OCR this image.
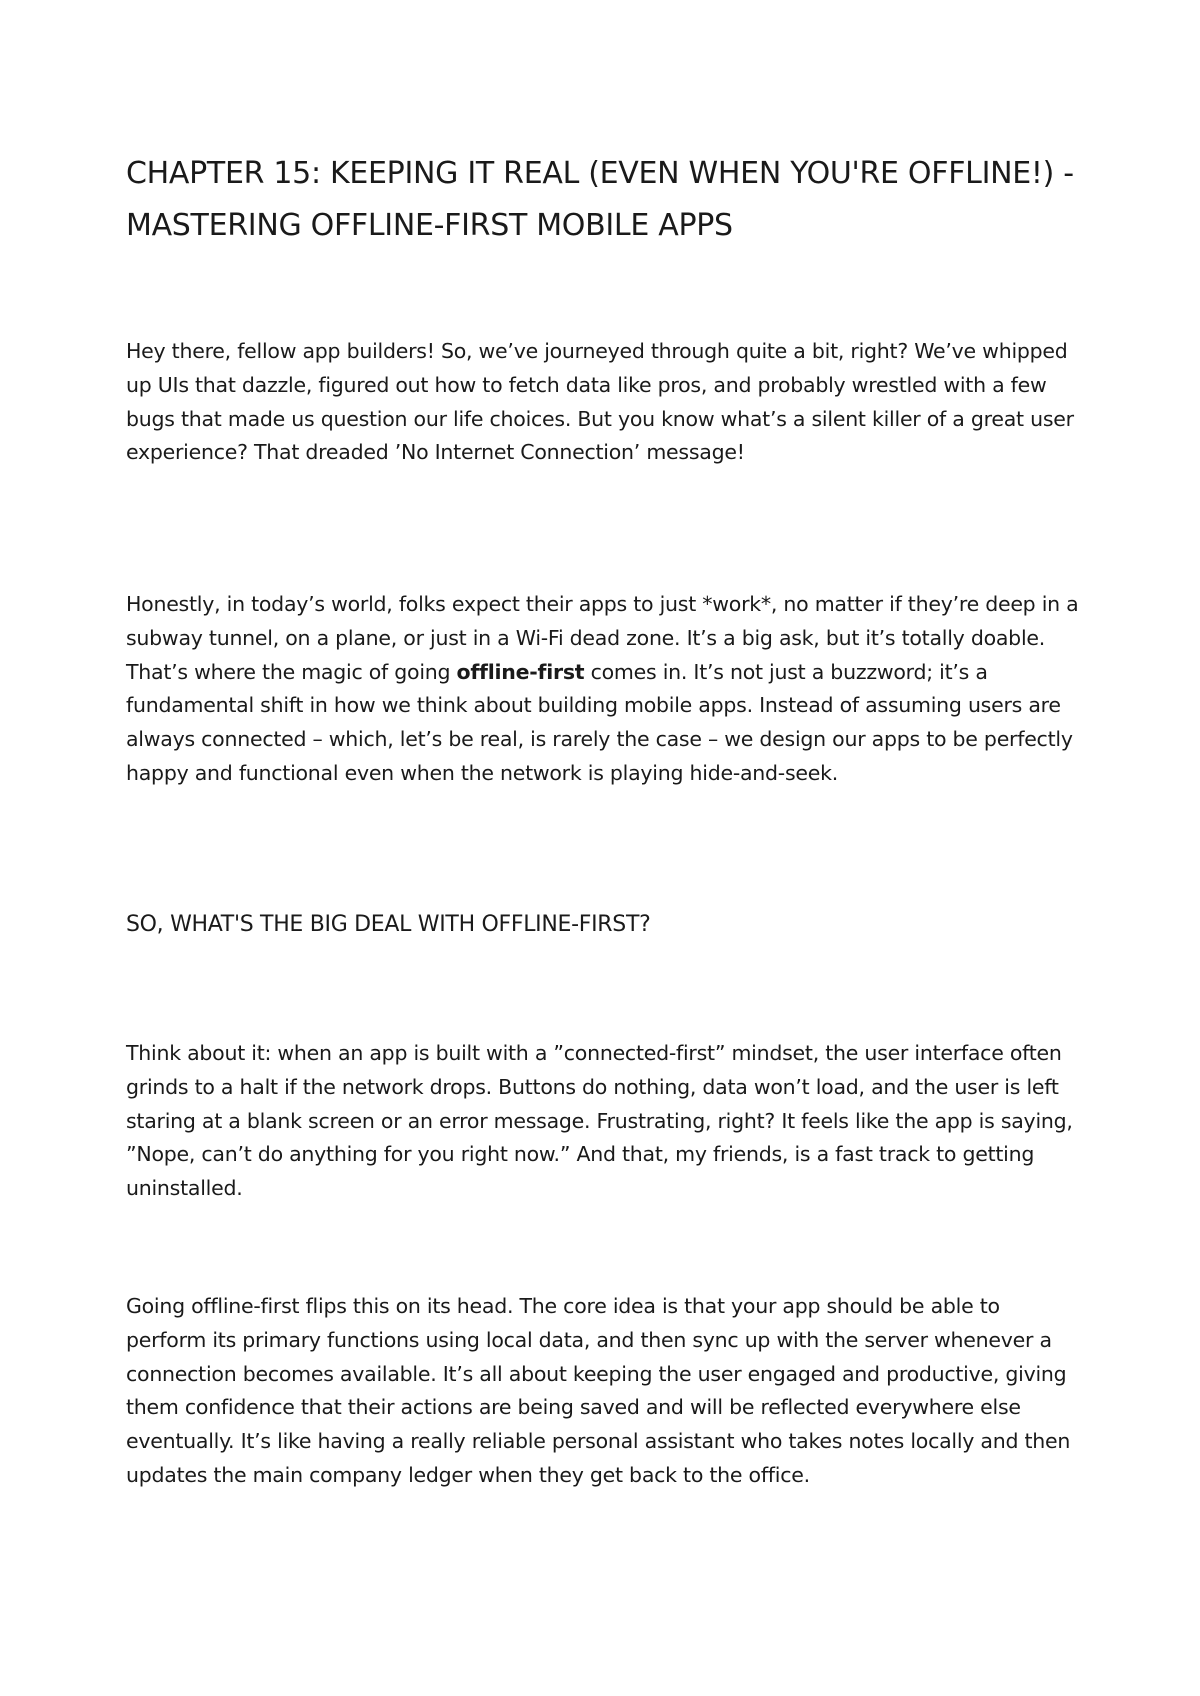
CHAPTER 15: KEEPING IT REAL (EVEN WHEN YOU'RE OFFLINE!) - MASTERING OFFLINE-FIRST MOBILE APPS

Hey there, fellow app builders! So, we’ve journeyed through quite a bit, right? We’ve whipped up UIs that dazzle, figured out how to fetch data like pros, and probably wrestled with a few bugs that made us question our life choices. But you know what’s a silent killer of a great user experience? That dreaded ’No Internet Connection’ message!

Honestly, in today’s world, folks expect their apps to just *work*, no matter if they’re deep in a subway tunnel, on a plane, or just in a Wi-Fi dead zone. It’s a big ask, but it’s totally doable. That’s where the magic of going offline-first comes in. It’s not just a buzzword; it’s a fundamental shift in how we think about building mobile apps. Instead of assuming users are always connected – which, let’s be real, is rarely the case – we design our apps to be perfectly happy and functional even when the network is playing hide-and-seek.

SO, WHAT'S THE BIG DEAL WITH OFFLINE-FIRST?

Think about it: when an app is built with a ”connected-first” mindset, the user interface often grinds to a halt if the network drops. Buttons do nothing, data won’t load, and the user is left staring at a blank screen or an error message. Frustrating, right? It feels like the app is saying, ”Nope, can’t do anything for you right now.” And that, my friends, is a fast track to getting uninstalled.

Going offline-first flips this on its head. The core idea is that your app should be able to perform its primary functions using local data, and then sync up with the server whenever a connection becomes available. It’s all about keeping the user engaged and productive, giving them confidence that their actions are being saved and will be reflected everywhere else eventually. It’s like having a really reliable personal assistant who takes notes locally and then updates the main company ledger when they get back to the office.
